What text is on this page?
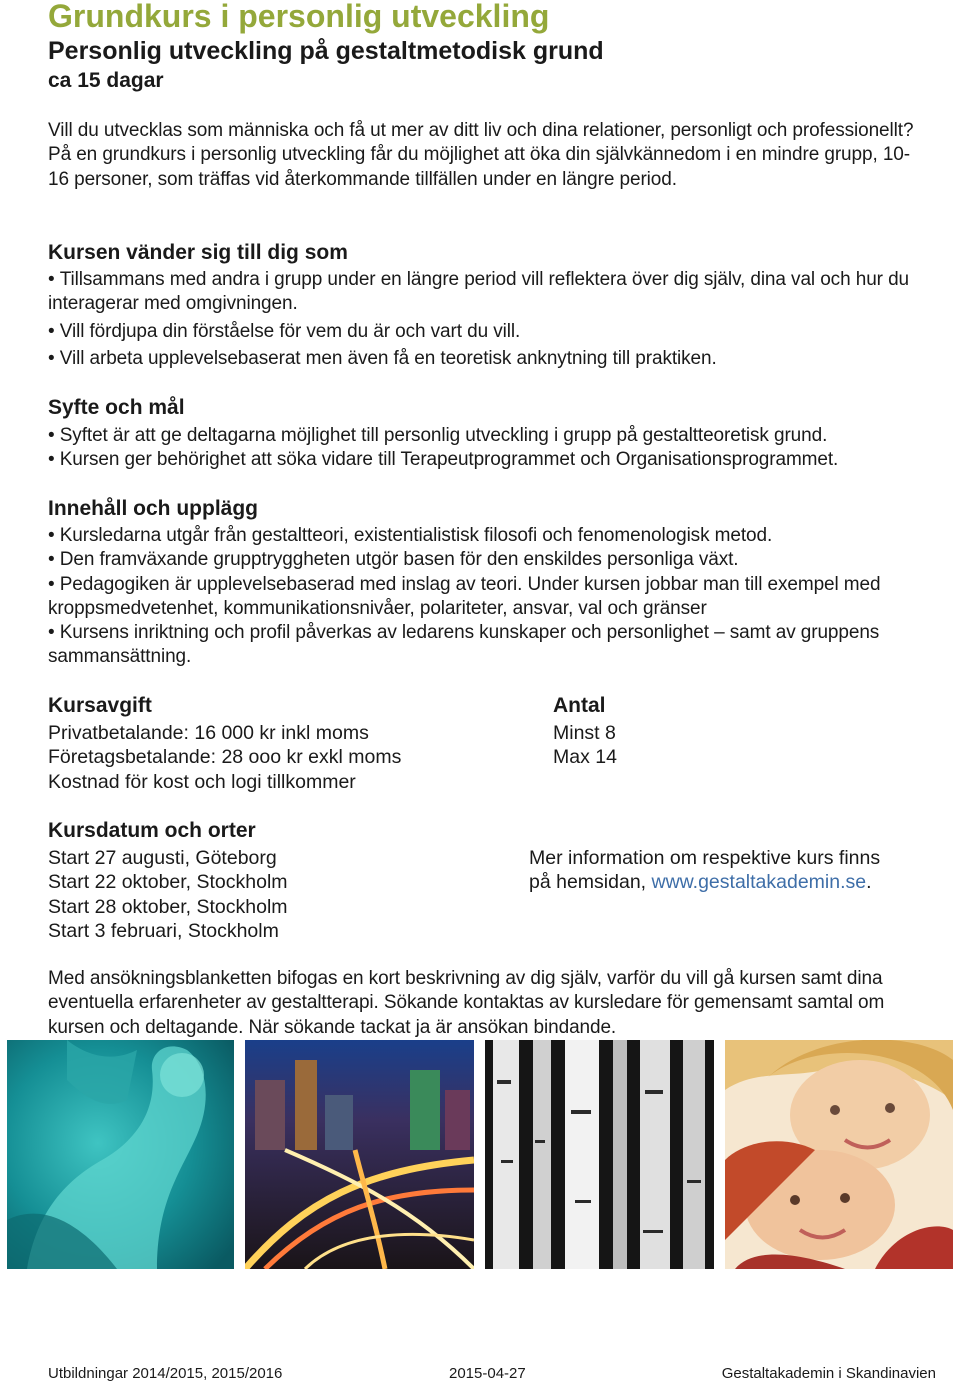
Grundkurs i personlig utveckling
Personlig utveckling på gestaltmetodisk grund
ca 15 dagar
Vill du utvecklas som människa och få ut mer av ditt liv och dina relationer, personligt och professionellt? På en grundkurs i personlig utveckling får du möjlighet att öka din självkännedom i en mindre grupp, 10-16 personer, som träffas vid återkommande tillfällen under en längre period.
Kursen vänder sig till dig som
• Tillsammans med andra i grupp under en längre period vill reflektera över dig själv, dina val och hur du interagerar med omgivningen.
• Vill fördjupa din förståelse för vem du är och vart du vill.
• Vill arbeta upplevelsebaserat men även få en teoretisk anknytning till praktiken.
Syfte och mål
• Syftet är att ge deltagarna möjlighet till personlig utveckling i grupp på gestaltteoretisk grund.
• Kursen ger behörighet att söka vidare till Terapeutprogrammet och Organisationsprogrammet.
Innehåll och upplägg
• Kursledarna utgår från gestaltteori, existentialistisk filosofi och fenomenologisk metod.
• Den framväxande grupptryggheten utgör basen för den enskildes personliga växt.
• Pedagogiken är upplevelsebaserad med inslag av teori. Under kursen jobbar man till exempel med kroppsmedvetenhet, kommunikationsnivåer, polariteter, ansvar, val och gränser
• Kursens inriktning och profil påverkas av ledarens kunskaper och personlighet – samt av gruppens sammansättning.
Kursavgift
Privatbetalande: 16 000 kr inkl moms
Företagsbetalande: 28 ooo kr exkl moms
Kostnad för kost och logi tillkommer
Antal
Minst 8
Max 14
Kursdatum och orter
Start 27 augusti, Göteborg
Start 22 oktober, Stockholm
Start 28 oktober, Stockholm
Start 3 februari, Stockholm
Mer information om respektive kurs finns
på hemsidan, www.gestaltakademin.se.
Med ansökningsblanketten bifogas en kort beskrivning av dig själv, varför du vill gå kursen samt dina eventuella erfarenheter av gestaltterapi. Sökande kontaktas av kursledare för gemensamt samtal om kursen och deltagande. När sökande tackat ja är ansökan bindande.
Utbildningar 2014/2015, 2015/2016	2015-04-27	Gestaltakademin i Skandinavien
